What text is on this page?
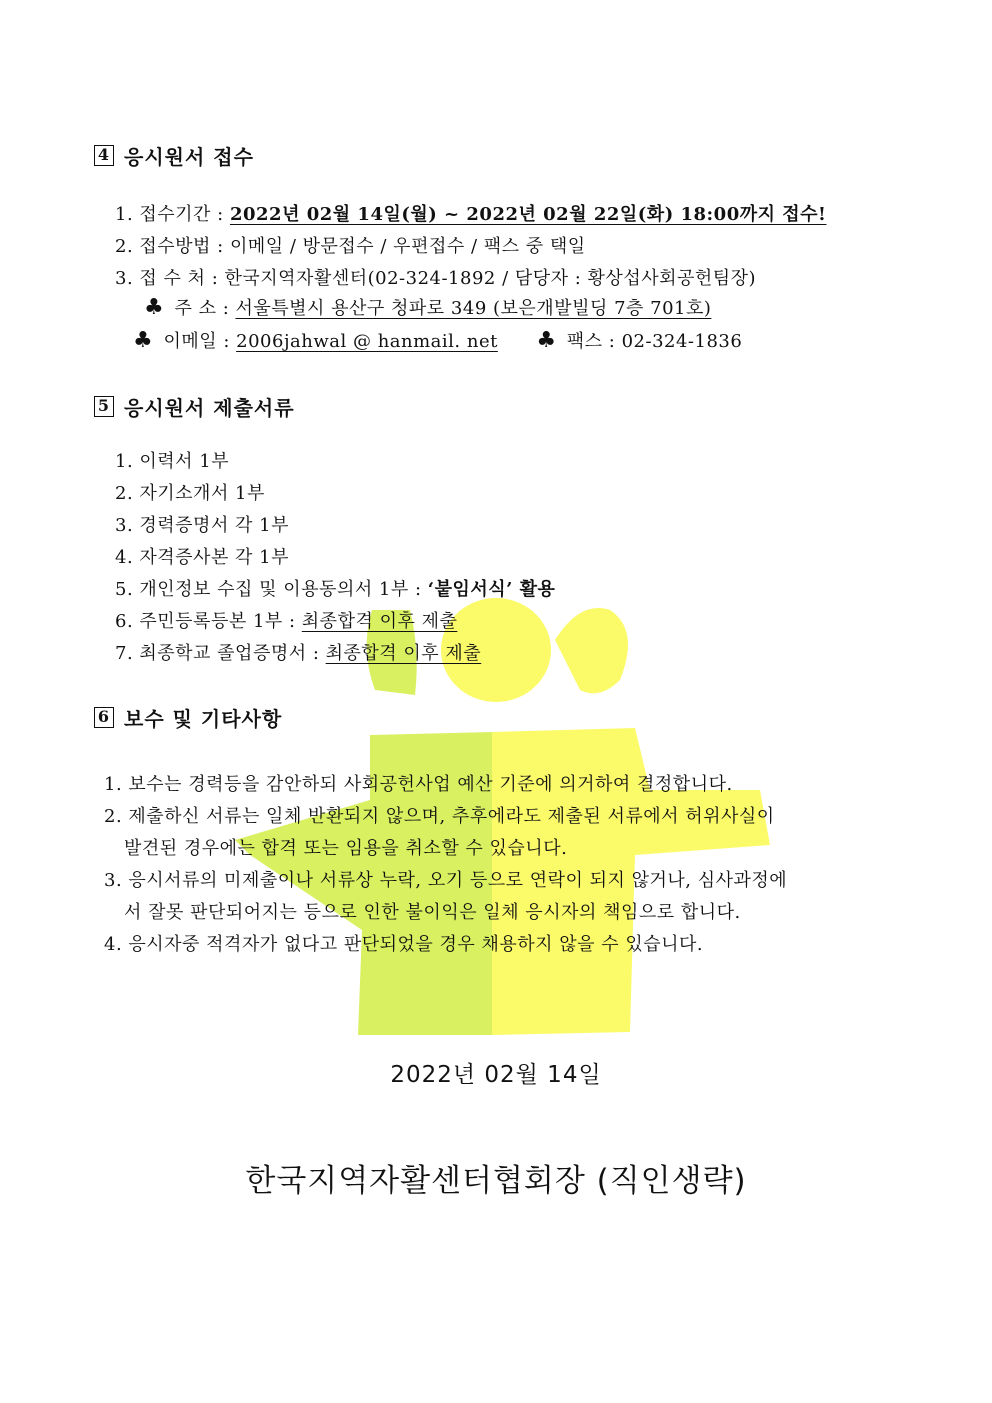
4 응시원서 접수
1. 접수기간 : 2022년 02월 14일(월) ~ 2022년 02월 22일(화) 18:00까지 접수!
2. 접수방법 : 이메일 / 방문접수 / 우편접수 / 팩스 중 택일
3. 접 수 처 : 한국지역자활센터(02-324-1892 / 담당자 : 황상섭사회공헌팀장)
♣ 주 소 : 서울특별시 용산구 청파로 349 (보은개발빌딩 7층 701호)
♣ 이메일 : 2006jahwal @ hanmail. net ♣ 팩스 : 02-324-1836
5 응시원서 제출서류
1. 이력서 1부
2. 자기소개서 1부
3. 경력증명서 각 1부
4. 자격증사본 각 1부
5. 개인정보 수집 및 이용동의서 1부 : ‘붙임서식’ 활용
6. 주민등록등본 1부 : 최종합격 이후 제출
7. 최종학교 졸업증명서 : 최종합격 이후 제출
6 보수 및 기타사항
1. 보수는 경력등을 감안하되 사회공헌사업 예산 기준에 의거하여 결정합니다.
2. 제출하신 서류는 일체 반환되지 않으며, 추후에라도 제출된 서류에서 허위사실이
발견된 경우에는 합격 또는 임용을 취소할 수 있습니다.
3. 응시서류의 미제출이나 서류상 누락, 오기 등으로 연락이 되지 않거나, 심사과정에
서 잘못 판단되어지는 등으로 인한 불이익은 일체 응시자의 책임으로 합니다.
4. 응시자중 적격자가 없다고 판단되었을 경우 채용하지 않을 수 있습니다.
2022년 02월 14일
한국지역자활센터협회장 (직인생략)
